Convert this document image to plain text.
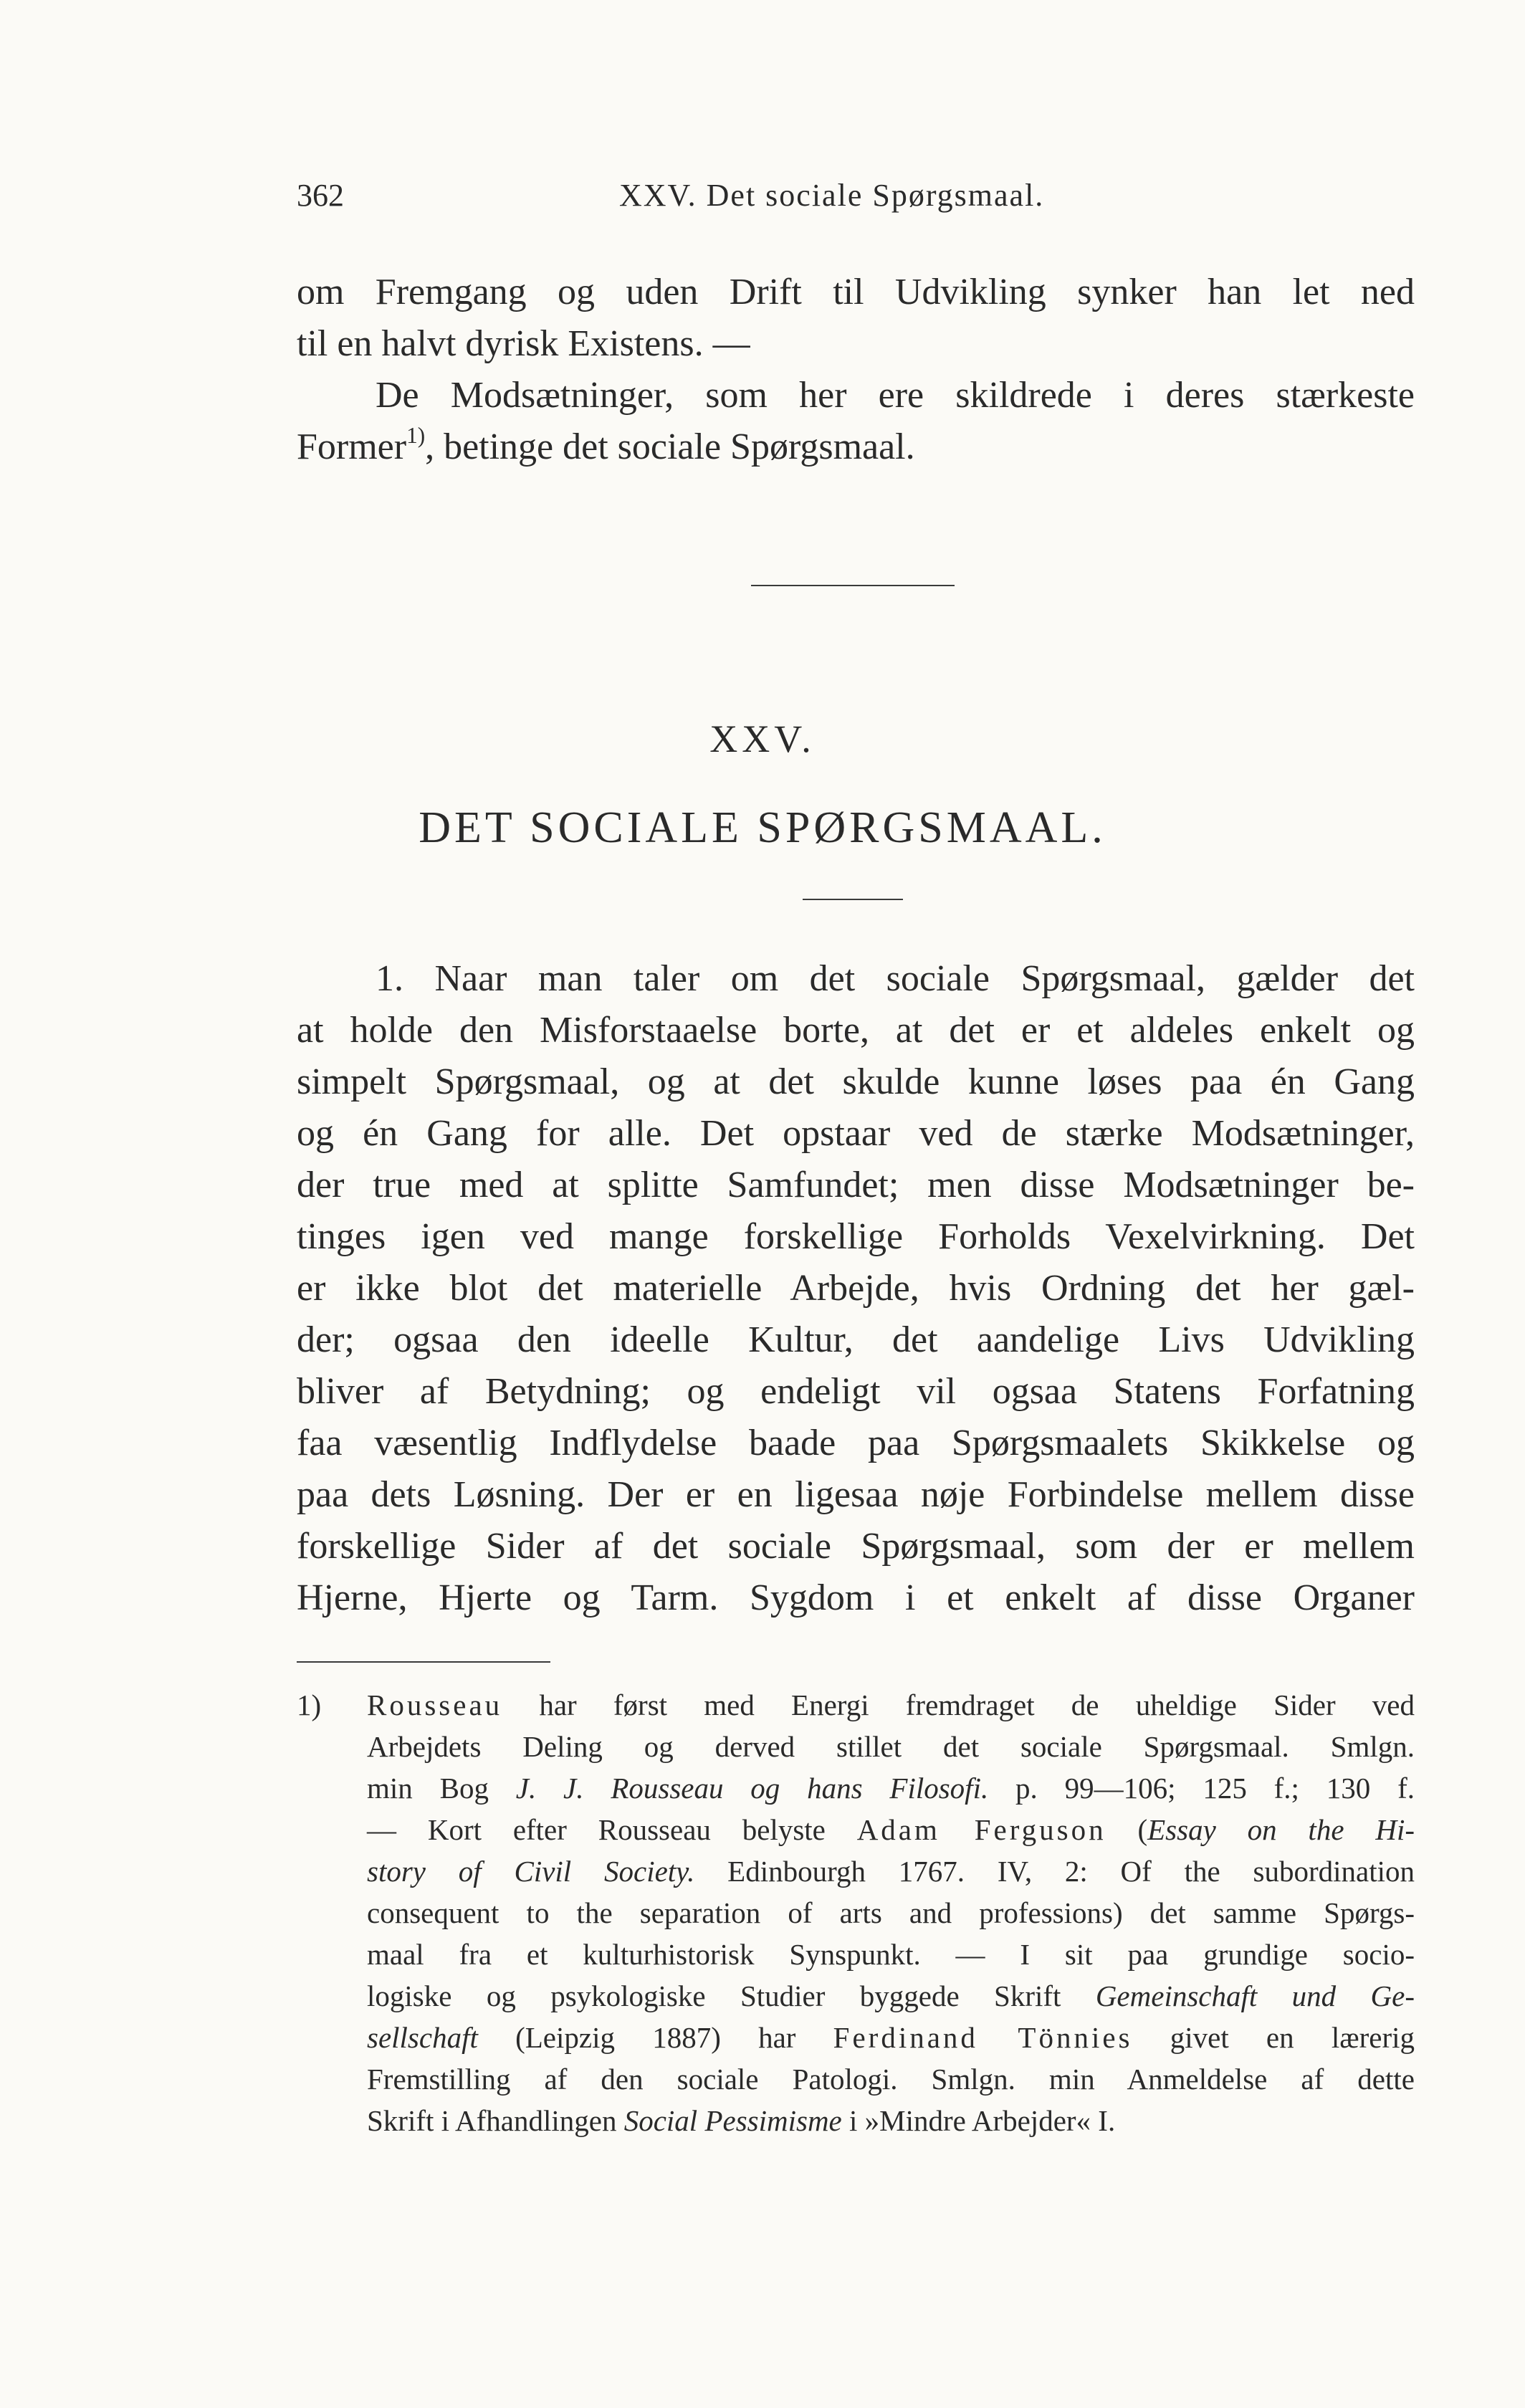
362	XXV. Det sociale Spørgsmaal.
om Fremgang og uden Drift til Udvikling synker han let ned
til en halvt dyrisk Existens. —
De Modsætninger, som her ere skildrede i deres stærkeste
Former$^{1)}$, betinge det sociale Spørgsmaal.
XXV.
DET SOCIALE SPØRGSMAAL.
1. Naar man taler om det sociale Spørgsmaal, gælder det
at holde den Misforstaaelse borte, at det er et aldeles enkelt og
simpelt Spørgsmaal, og at det skulde kunne løses paa én Gang
og én Gang for alle. Det opstaar ved de stærke Modsætninger,
der true med at splitte Samfundet; men disse Modsætninger be-
tinges igen ved mange forskellige Forholds Vexelvirkning. Det
er ikke blot det materielle Arbejde, hvis Ordning det her gæl-
der; ogsaa den ideelle Kultur, det aandelige Livs Udvikling
bliver af Betydning; og endeligt vil ogsaa Statens Forfatning
faa væsentlig Indflydelse baade paa Spørgsmaalets Skikkelse og
paa dets Løsning. Der er en ligesaa nøje Forbindelse mellem disse
forskellige Sider af det sociale Spørgsmaal, som der er mellem
Hjerne, Hjerte og Tarm. Sygdom i et enkelt af disse Organer
1)	Rousseau har først med Energi fremdraget de uheldige Sider ved
Arbejdets Deling og derved stillet det sociale Spørgsmaal. Smlgn.
min Bog J. J. Rousseau og hans Filosofi. p. 99—106; 125 f.; 130 f.
— Kort efter Rousseau belyste Adam Ferguson (Essay on the Hi-
story of Civil Society. Edinbourgh 1767. IV, 2: Of the subordination
consequent to the separation of arts and professions) det samme Spørgs-
maal fra et kulturhistorisk Synspunkt. — I sit paa grundige socio-
logiske og psykologiske Studier byggede Skrift Gemeinschaft und Ge-
sellschaft (Leipzig 1887) har Ferdinand Tönnies givet en lærerig
Fremstilling af den sociale Patologi. Smlgn. min Anmeldelse af dette
Skrift i Afhandlingen Social Pessimisme i »Mindre Arbejder« I.
